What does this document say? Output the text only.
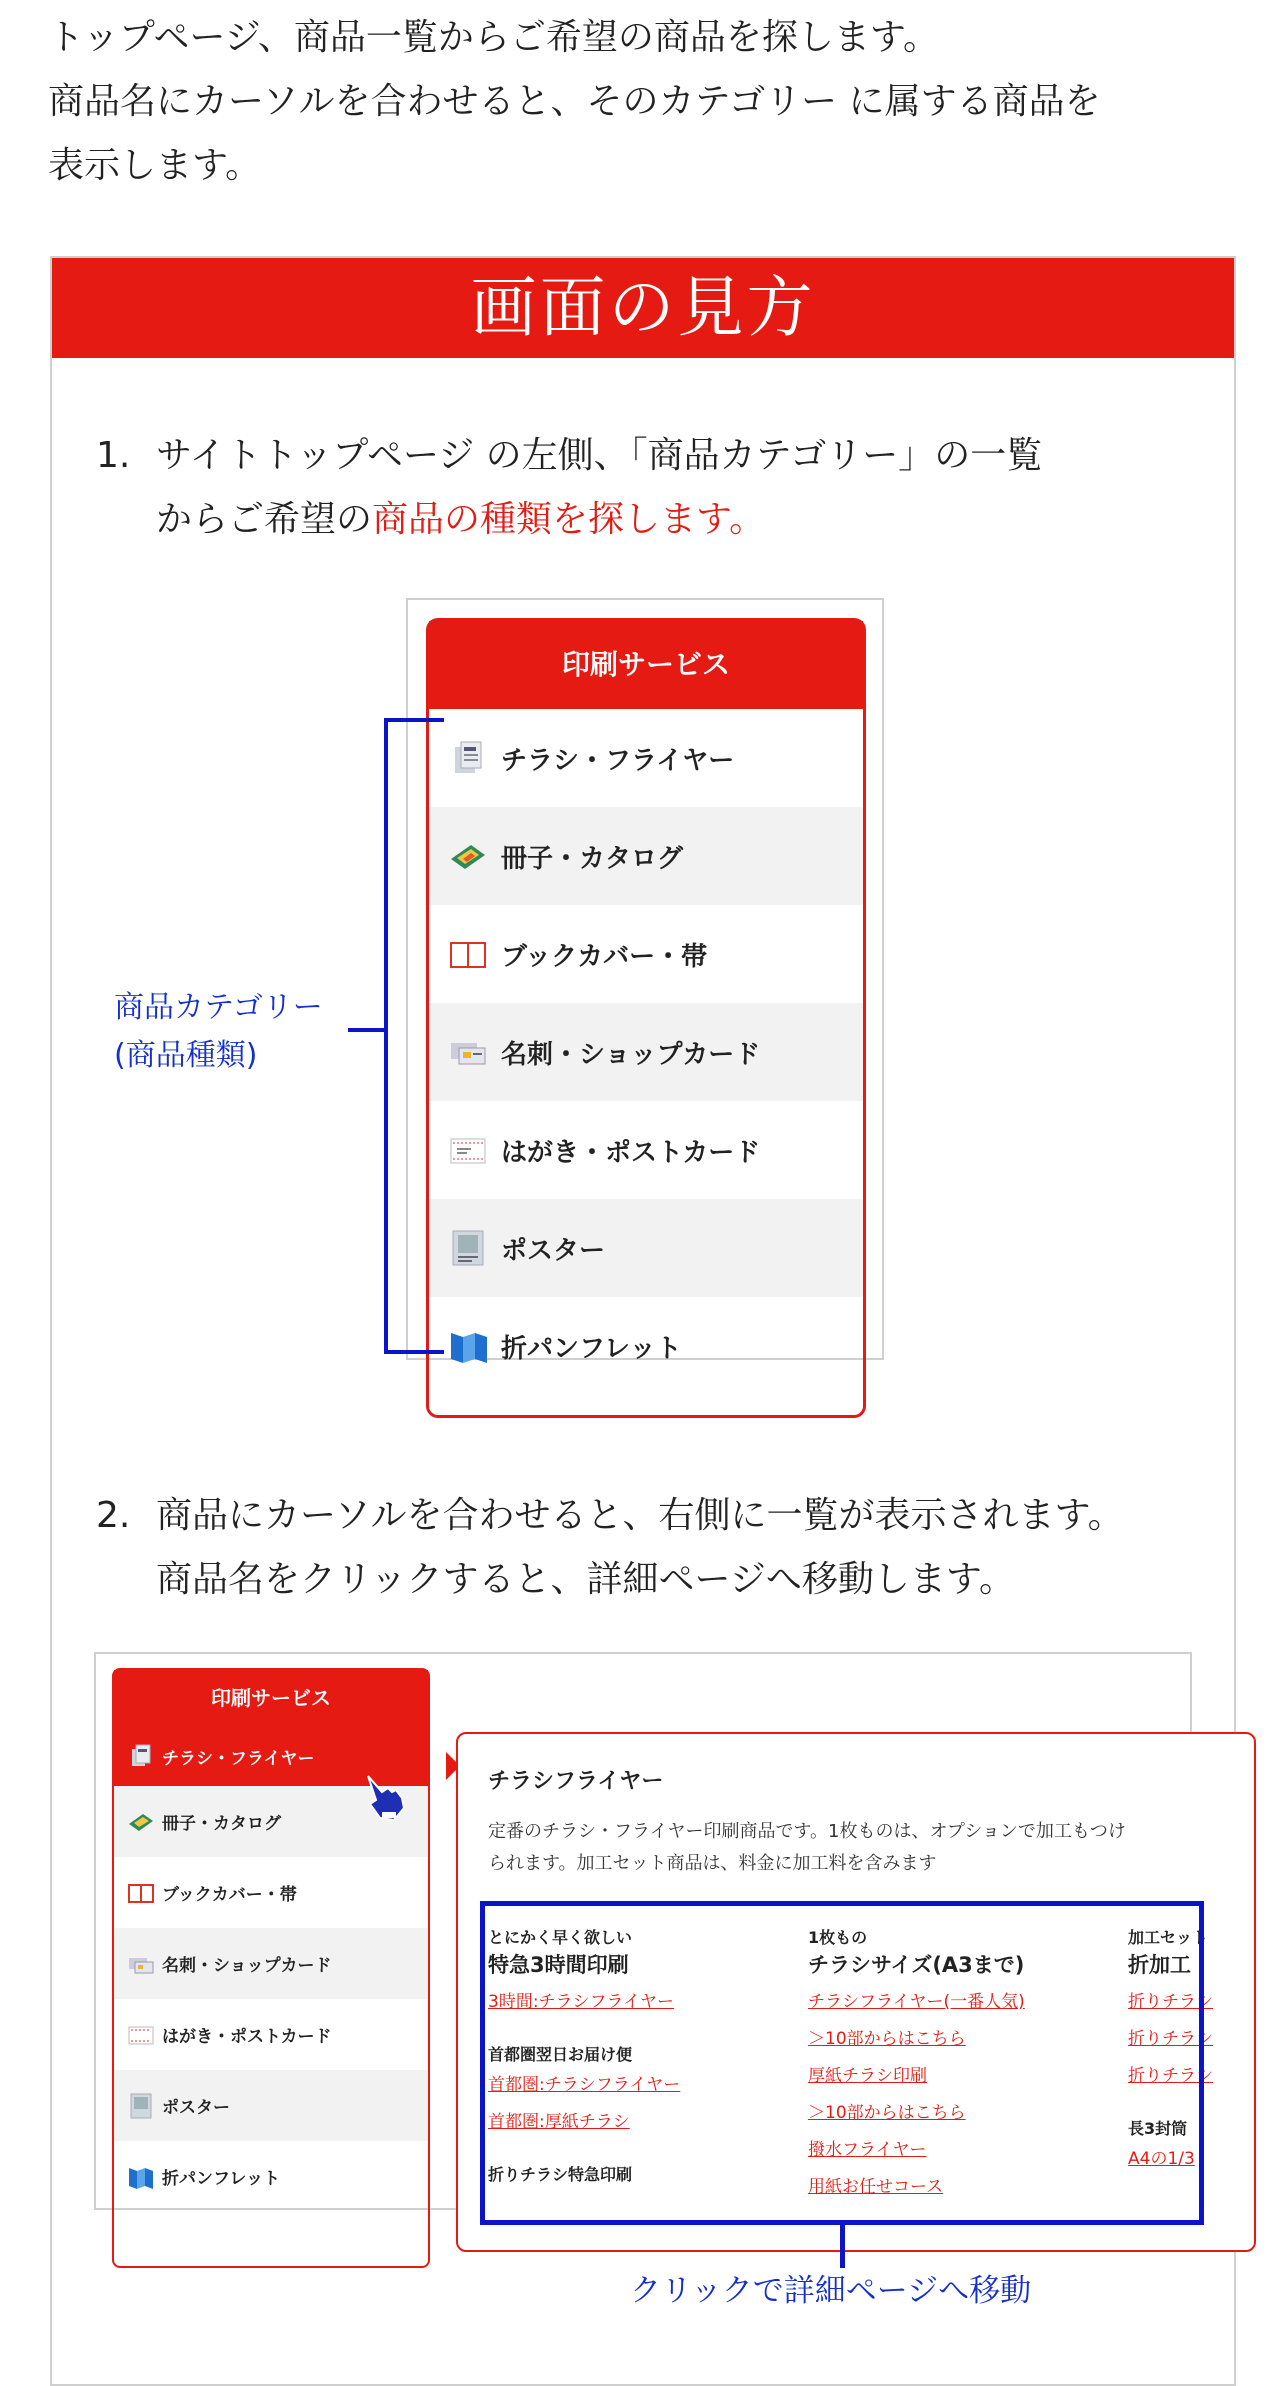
トップページ、商品一覧からご希望の商品を探します。

商品名にカーソルを合わせると、そのカテゴリー に属する商品を

表示します。

画面の見方
1. サイトトップページ の左側、「商品カテゴリー」の一覧
からご希望の商品の種類を探します。
印刷サービス
チラシ・フライヤー
冊子・カタログ
ブックカバー・帯
名刺・ショップカード
はがき・ポストカード
ポスター
折パンフレット
商品カテゴリー
(商品種類)
2. 商品にカーソルを合わせると、右側に一覧が表示されます。
商品名をクリックすると、詳細ページへ移動します。
印刷サービス
チラシ・フライヤー
冊子・カタログ
ブックカバー・帯
名刺・ショップカード
はがき・ポストカード
ポスター
折パンフレット
チラシフライヤー
定番のチラシ・フライヤー印刷商品です。1枚ものは、オプションで加工もつけ
られます。加工セット商品は、料金に加工料を含みます
とにかく早く欲しい
特急3時間印刷
3時間:チラシフライヤー
首都圏翌日お届け便
首都圏:チラシフライヤー
首都圏:厚紙チラシ
折りチラシ特急印刷
1枚もの
チラシサイズ(A3まで)
チラシフライヤー(一番人気)
＞10部からはこちら
厚紙チラシ印刷
＞10部からはこちら
撥水フライヤー
用紙お任せコース
加工セット
折加工
折りチラシ
折りチラシ
折りチラシ
長3封筒
A4の1/3
クリックで詳細ページへ移動
